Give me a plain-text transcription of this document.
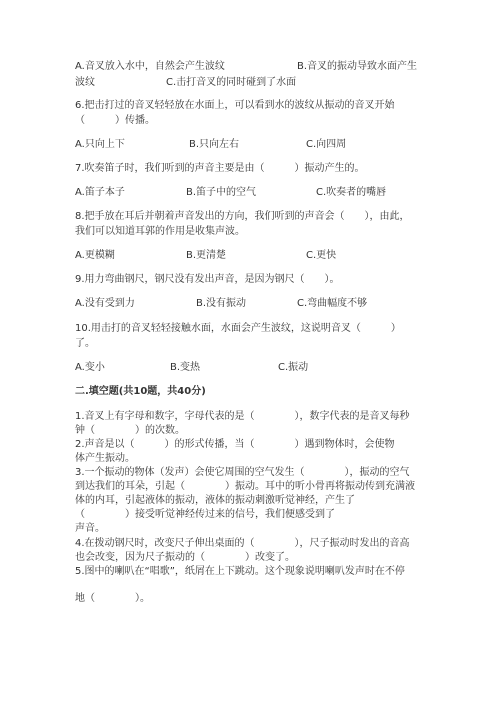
A.音叉放入水中，自然会产生波纹	B.音叉的振动导致水面产生
波纹	C.击打音叉的同时碰到了水面
6.把击打过的音叉轻轻放在水面上，可以看到水的波纹从振动的音叉开始
（　　　）传播。
A.只向上下	B.只向左右	C.向四周
7.吹奏笛子时，我们听到的声音主要是由（　　　）振动产生的。
A.笛子本子	B.笛子中的空气	C.吹奏者的嘴唇
8.把手放在耳后并朝着声音发出的方向，我们听到的声音会（　　），由此，
我们可以知道耳郭的作用是收集声波。
A.更模糊	B.更清楚	C.更快
9.用力弯曲钢尺，钢尺没有发出声音，是因为钢尺（　　）。
A.没有受到力	B.没有振动	C.弯曲幅度不够
10.用击打的音叉轻轻接触水面，水面会产生波纹，这说明音叉（　　　）
了。
A.变小	B.变热	C.振动
二.填空题(共10题，共40分)
1.音叉上有字母和数字，字母代表的是（　　　　），数字代表的是音叉每秒
钟（　　　　）的次数。
2.声音是以（　　　）的形式传播，当（　　　　）遇到物体时，会使物
体产生振动。
3.一个振动的物体（发声）会使它周围的空气发生（　　　　），振动的空气
到达我们的耳朵，引起（　　　　）振动。耳中的听小骨再将振动传到充满液
体的内耳，引起液体的振动，液体的振动刺激听觉神经，产生了
（　　　　）接受听觉神经传过来的信号，我们便感受到了
声音。
4.在拨动钢尺时，改变尺子伸出桌面的（　　　　），尺子振动时发出的音高
也会改变，因为尺子振动的（　　　　）改变了。
5.图中的喇叭在“唱歌”，纸屑在上下跳动。这个现象说明喇叭发声时在不停
地（　　　　）。
